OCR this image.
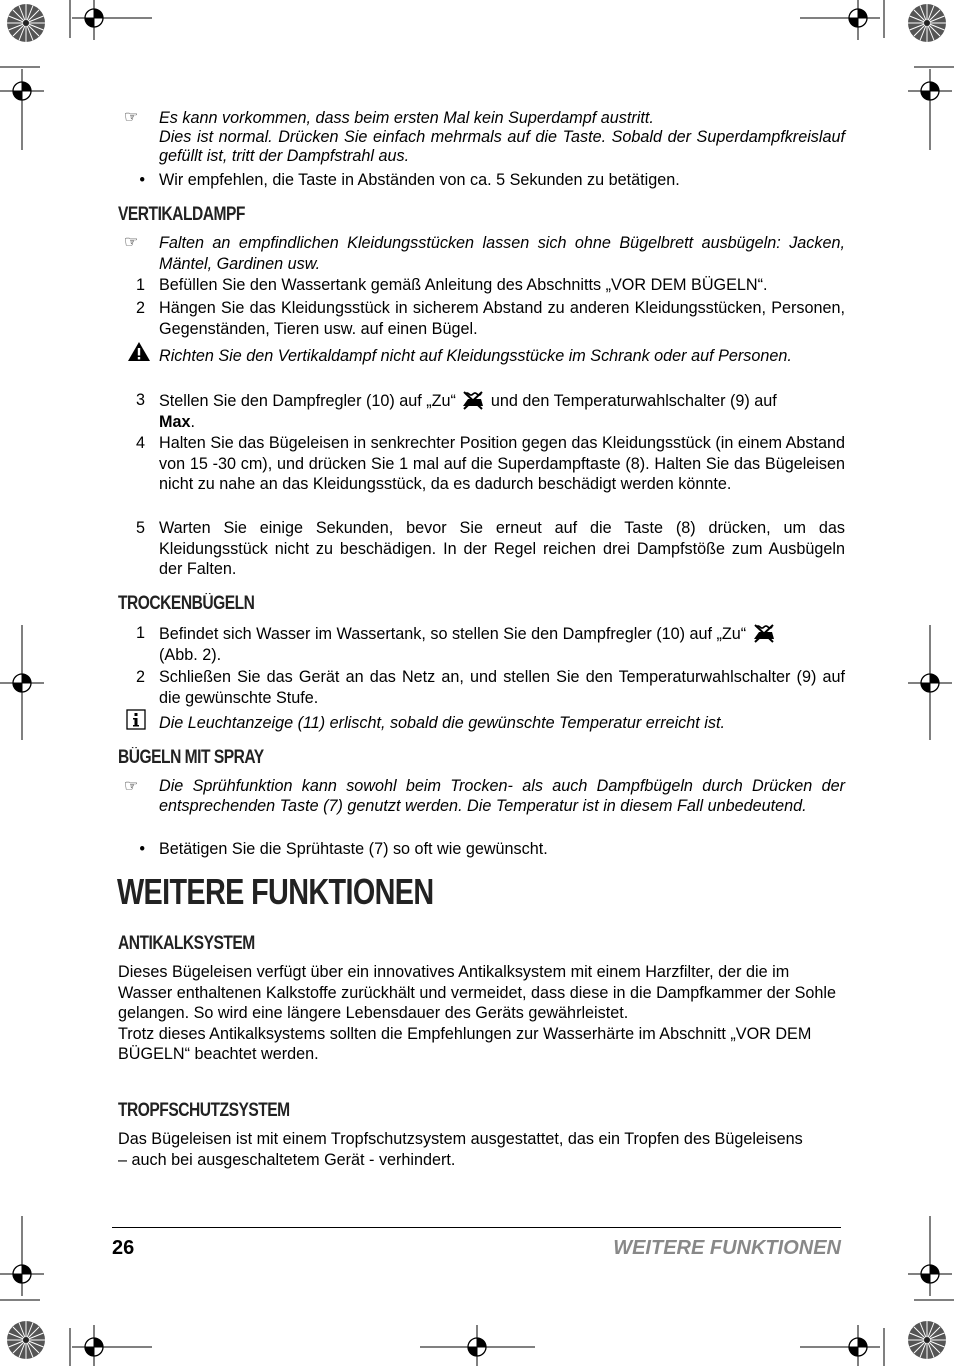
☞ Es kann vorkommen, dass beim ersten Mal kein Superdampf austritt.
Dies ist normal. Drücken Sie einfach mehrmals auf die Taste. Sobald der Superdampfkreislauf gefüllt ist, tritt der Dampfstrahl aus.
• Wir empfehlen, die Taste in Abständen von ca. 5 Sekunden zu betätigen.
VERTIKALDAMPF
☞ Falten an empfindlichen Kleidungsstücken lassen sich ohne Bügelbrett ausbügeln: Jacken, Mäntel, Gardinen usw.
1 Befüllen Sie den Wassertank gemäß Anleitung des Abschnitts „VOR DEM BÜGELN“.
2 Hängen Sie das Kleidungsstück in sicherem Abstand zu anderen Kleidungsstücken, Personen, Gegenständen, Tieren usw. auf einen Bügel.
Richten Sie den Vertikaldampf nicht auf Kleidungsstücke im Schrank oder auf Personen.
3 Stellen Sie den Dampfregler (10) auf „Zu“ und den Temperaturwahlschalter (9) auf
Max.
4 Halten Sie das Bügeleisen in senkrechter Position gegen das Kleidungsstück (in einem Abstand von 15 -30 cm), und drücken Sie 1 mal auf die Superdampftaste (8). Halten Sie das Bügeleisen nicht zu nahe an das Kleidungsstück, da es dadurch beschädigt werden könnte.
5 Warten Sie einige Sekunden, bevor Sie erneut auf die Taste (8) drücken, um das Kleidungsstück nicht zu beschädigen. In der Regel reichen drei Dampfstöße zum Ausbügeln der Falten.
TROCKENBÜGELN
1 Befindet sich Wasser im Wassertank, so stellen Sie den Dampfregler (10) auf „Zu“
(Abb. 2).
2 Schließen Sie das Gerät an das Netz an, und stellen Sie den Temperaturwahlschalter (9) auf die gewünschte Stufe.
Die Leuchtanzeige (11) erlischt, sobald die gewünschte Temperatur erreicht ist.
BÜGELN MIT SPRAY
☞ Die Sprühfunktion kann sowohl beim Trocken- als auch Dampfbügeln durch Drücken der entsprechenden Taste (7) genutzt werden. Die Temperatur ist in diesem Fall unbedeutend.
• Betätigen Sie die Sprühtaste (7) so oft wie gewünscht.
WEITERE FUNKTIONEN
ANTIKALKSYSTEM
Dieses Bügeleisen verfügt über ein innovatives Antikalksystem mit einem Harzfilter, der die im Wasser enthaltenen Kalkstoffe zurückhält und vermeidet, dass diese in die Dampfkammer der Sohle gelangen. So wird eine längere Lebensdauer des Geräts gewährleistet.
Trotz dieses Antikalksystems sollten die Empfehlungen zur Wasserhärte im Abschnitt „VOR DEM BÜGELN“ beachtet werden.
TROPFSCHUTZSYSTEM
Das Bügeleisen ist mit einem Tropfschutzsystem ausgestattet, das ein Tropfen des Bügeleisens – auch bei ausgeschaltetem Gerät - verhindert.
26	WEITERE FUNKTIONEN
